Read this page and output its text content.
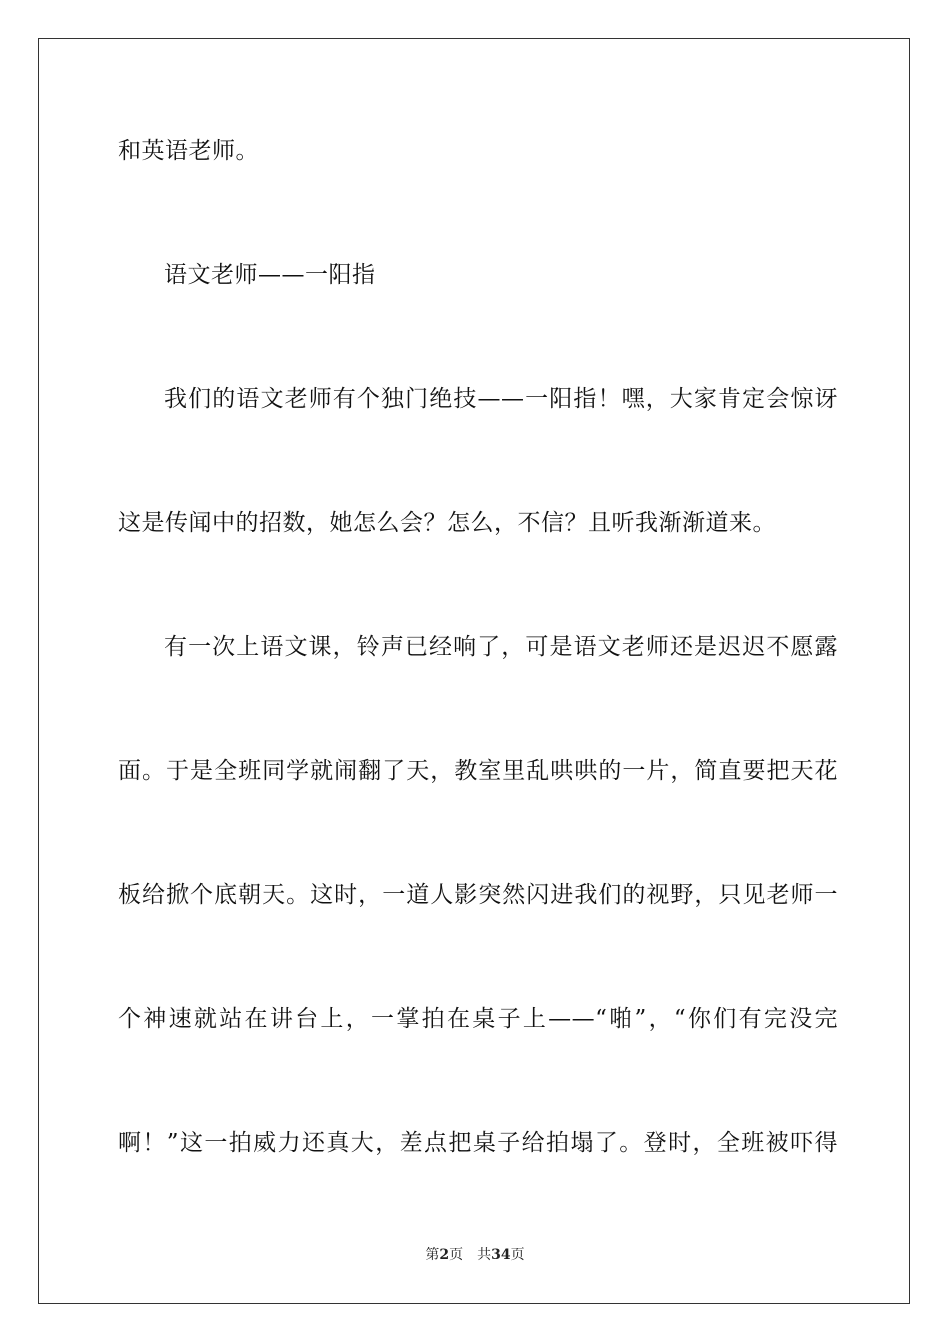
和英语老师。
语文老师——一阳指
我们的语文老师有个独门绝技——一阳指！嘿，大家肯定会惊讶
这是传闻中的招数，她怎么会？怎么，不信？且听我渐渐道来。
有一次上语文课，铃声已经响了，可是语文老师还是迟迟不愿露
面。于是全班同学就闹翻了天，教室里乱哄哄的一片，简直要把天花
板给掀个底朝天。这时，一道人影突然闪进我们的视野，只见老师一
个神速就站在讲台上，一掌拍在桌子上——“啪”，“你们有完没完
啊！”这一拍威力还真大，差点把桌子给拍塌了。登时，全班被吓得
第2页 共34页
